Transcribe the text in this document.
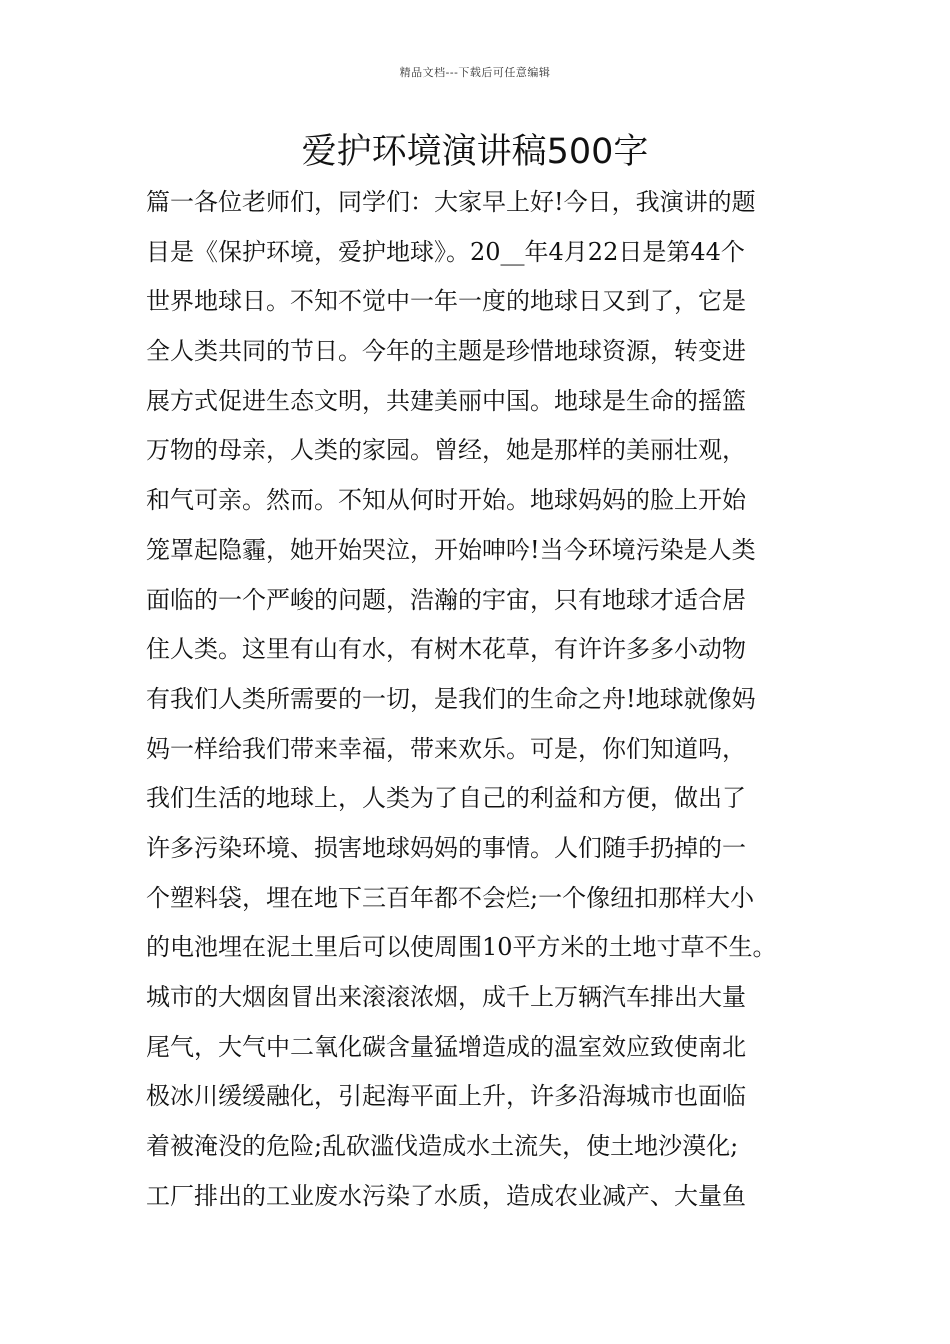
精品文档---下载后可任意编辑
爱护环境演讲稿500字
篇一各位老师们，同学们：大家早上好!今日，我演讲的题
目是《保护环境，爱护地球》。20__年4月22日是第44个
世界地球日。不知不觉中一年一度的地球日又到了，它是
全人类共同的节日。今年的主题是珍惜地球资源，转变进
展方式促进生态文明，共建美丽中国。地球是生命的摇篮
万物的母亲，人类的家园。曾经，她是那样的美丽壮观，
和气可亲。然而。不知从何时开始。地球妈妈的脸上开始
笼罩起隐霾，她开始哭泣，开始呻吟!当今环境污染是人类
面临的一个严峻的问题，浩瀚的宇宙，只有地球才适合居
住人类。这里有山有水，有树木花草，有许许多多小动物
有我们人类所需要的一切，是我们的生命之舟!地球就像妈
妈一样给我们带来幸福，带来欢乐。可是，你们知道吗，
我们生活的地球上，人类为了自己的利益和方便，做出了
许多污染环境、损害地球妈妈的事情。人们随手扔掉的一
个塑料袋，埋在地下三百年都不会烂;一个像纽扣那样大小
的电池埋在泥土里后可以使周围10平方米的土地寸草不生。
城市的大烟囱冒出来滚滚浓烟，成千上万辆汽车排出大量
尾气，大气中二氧化碳含量猛增造成的温室效应致使南北
极冰川缓缓融化，引起海平面上升，许多沿海城市也面临
着被淹没的危险;乱砍滥伐造成水土流失，使土地沙漠化;
工厂排出的工业废水污染了水质，造成农业减产、大量鱼
